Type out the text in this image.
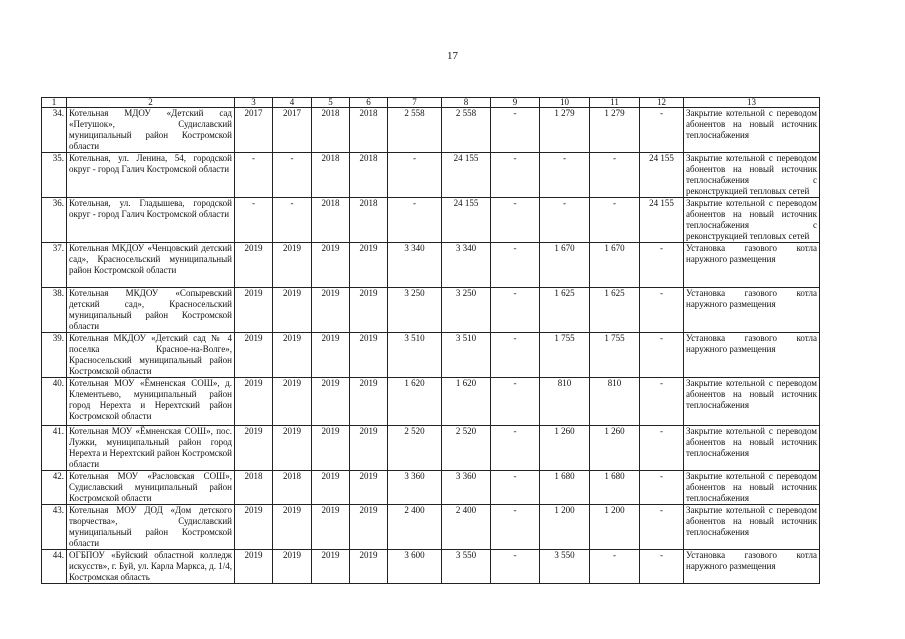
17
1	2	3	4	5	6	7	8	9	10	11	12	13
34.	Котельная МДОУ «Детский сад «Петушок», Судиславский муниципальный район Костромской области	2017	2017	2018	2018	2 558	2 558	-	1 279	1 279	-	Закрытие котельной с переводом абонентов на новый источник теплоснабжения
35.	Котельная, ул. Ленина, 54, городской округ - город Галич Костромской области	-	-	2018	2018	-	24 155	-	-	-	24 155	Закрытие котельной с переводом абонентов на новый источник теплоснабжения с реконструкцией тепловых сетей
36.	Котельная, ул. Гладышева, городской округ - город Галич Костромской области	-	-	2018	2018	-	24 155	-	-	-	24 155	Закрытие котельной с переводом абонентов на новый источник теплоснабжения с реконструкцией тепловых сетей
37.	Котельная МКДОУ «Ченцовский детский сад», Красносельский муниципальный район Костромской области	2019	2019	2019	2019	3 340	3 340	-	1 670	1 670	-	Установка газового котла наружного размещения
38.	Котельная МКДОУ «Сопыревский детский сад», Красносельский муниципальный район Костромской области	2019	2019	2019	2019	3 250	3 250	-	1 625	1 625	-	Установка газового котла наружного размещения
39.	Котельная МКДОУ «Детский сад № 4 поселка Красное-на-Волге», Красносельский муниципальный район Костромской области	2019	2019	2019	2019	3 510	3 510	-	1 755	1 755	-	Установка газового котла наружного размещения
40.	Котельная МОУ «Ёмненская СОШ», д. Клементьево, муниципальный район город Нерехта и Нерехтский район Костромской области	2019	2019	2019	2019	1 620	1 620	-	810	810	-	Закрытие котельной с переводом абонентов на новый источник теплоснабжения
41.	Котельная МОУ «Ёмненская СОШ», пос. Лужки, муниципальный район город Нерехта и Нерехтский район Костромской области	2019	2019	2019	2019	2 520	2 520	-	1 260	1 260	-	Закрытие котельной с переводом абонентов на новый источник теплоснабжения
42.	Котельная МОУ «Расловская СОШ», Судиславский муниципальный район Костромской области	2018	2018	2019	2019	3 360	3 360	-	1 680	1 680	-	Закрытие котельной с переводом абонентов на новый источник теплоснабжения
43.	Котельная МОУ ДОД «Дом детского творчества», Судиславский муниципальный район Костромской области	2019	2019	2019	2019	2 400	2 400	-	1 200	1 200	-	Закрытие котельной с переводом абонентов на новый источник теплоснабжения
44.	ОГБПОУ «Буйский областной колледж искусств», г. Буй, ул. Карла Маркса, д. 1/4, Костромская область	2019	2019	2019	2019	3 600	3 550	-	3 550	-	-	Установка газового котла наружного размещения
